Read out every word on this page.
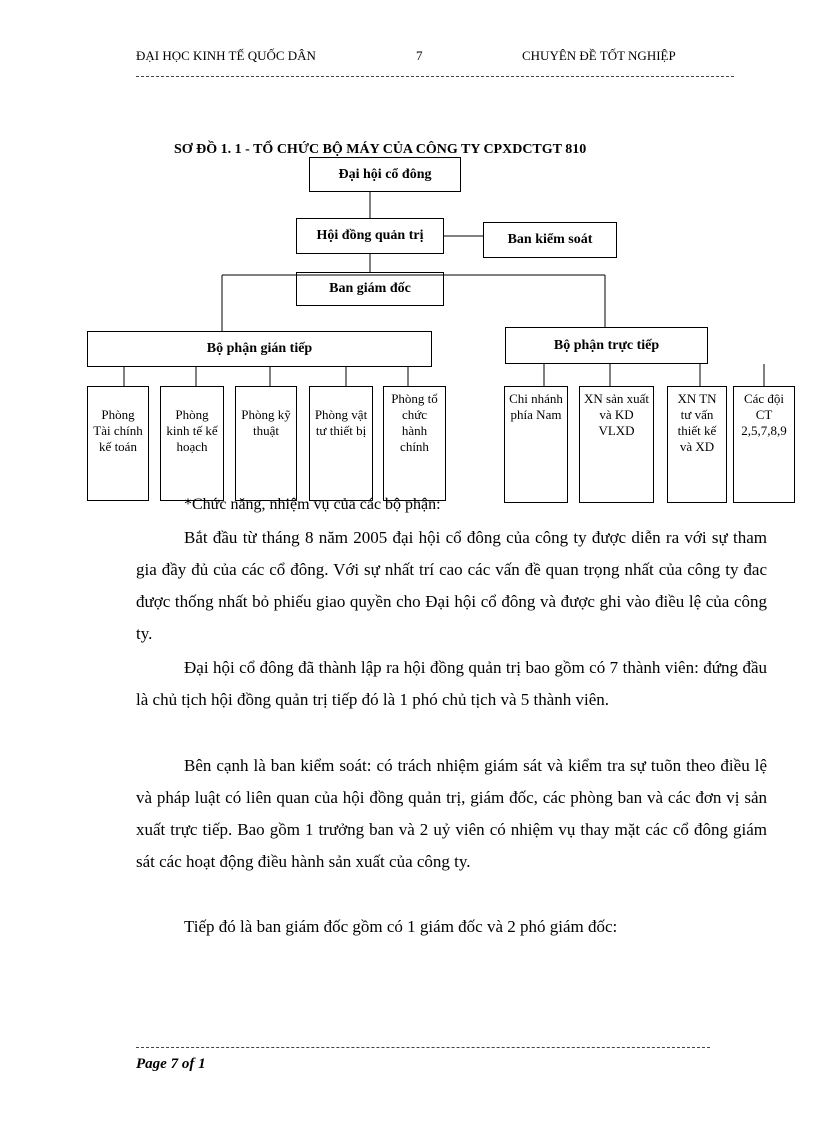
ĐẠI HỌC KINH TẾ QUỐC DÂN	7	CHUYÊN ĐỀ TỐT NGHIỆP
SƠ ĐỒ 1. 1 - TỔ CHỨC BỘ MÁY CỦA CÔNG TY CPXDCTGT 810
Đại hội cổ đông
Hội đồng quản trị	Ban kiểm soát
Ban giám đốc
Bộ phận gián tiếp	Bộ phận trực tiếp
Phòng Tài chính kế toán
Phòng kinh tế kế hoạch
Phòng kỹ thuật
Phòng vật tư thiết bị
Phòng tổ chức hành chính
Chi nhánh phía Nam
XN sản xuất và KD VLXD
XN TN tư vấn thiết kế và XD
Các đội CT 2,5,7,8,9
*Chức năng, nhiệm vụ của các bộ phận:
Bắt đầu từ tháng 8 năm 2005 đại hội cổ đông của công ty được diễn ra với sự tham gia đầy đủ của các cổ đông. Với sự nhất trí cao các vấn đề quan trọng nhất của công ty đac được thống nhất bỏ phiếu giao quyền cho Đại hội cổ đông và được ghi vào điều lệ của công ty.
Đại hội cổ đông đã thành lập ra hội đồng quản trị bao gồm có 7 thành viên: đứng đầu là chủ tịch hội đồng quản trị tiếp đó là 1 phó chủ tịch và 5 thành viên.
Bên cạnh là ban kiểm soát: có trách nhiệm giám sát và kiểm tra sự tuõn theo điều lệ và pháp luật có liên quan của hội đồng quản trị, giám đốc, các phòng ban và các đơn vị sản xuất trực tiếp. Bao gồm 1 trưởng ban và 2 uỷ viên có nhiệm vụ thay mặt các cổ đông giám sát các hoạt động điều hành sản xuất của công ty.
Tiếp đó là ban giám đốc gồm có 1 giám đốc và 2 phó giám đốc:
Page 7 of 1
